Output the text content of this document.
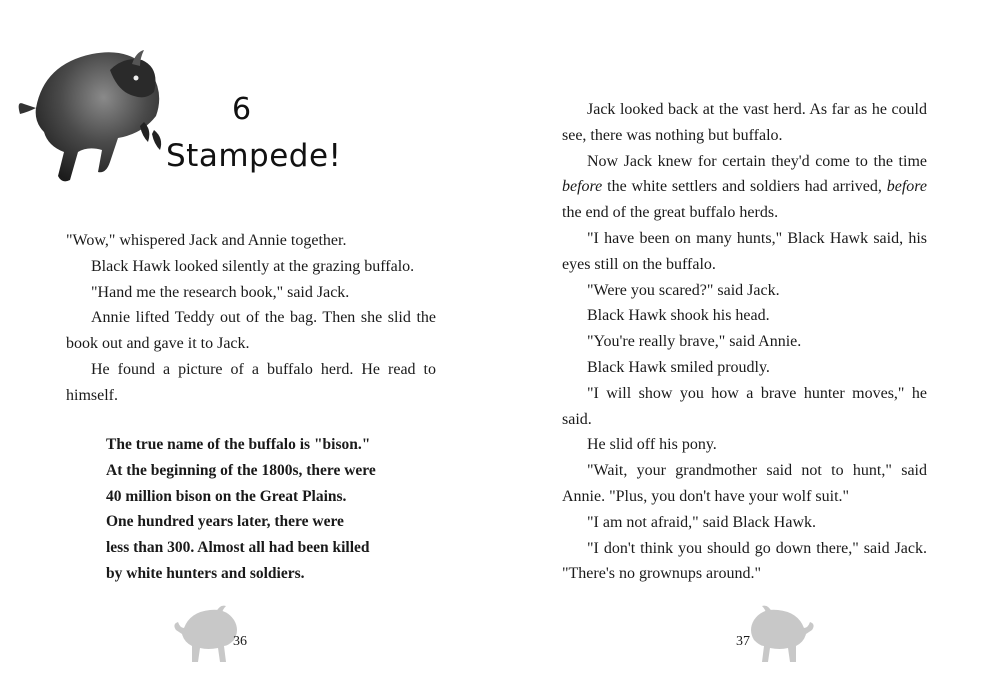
6
Stampede!

"Wow," whispered Jack and Annie together.

Black Hawk looked silently at the grazing buffalo.

"Hand me the research book," said Jack.

Annie lifted Teddy out of the bag. Then she slid the book out and gave it to Jack.

He found a picture of a buffalo herd. He read to himself.

The true name of the buffalo is "bison."
At the beginning of the 1800s, there were
40 million bison on the Great Plains.
One hundred years later, there were
less than 300. Almost all had been killed
by white hunters and soldiers.
36

Jack looked back at the vast herd. As far as he could see, there was nothing but buffalo.

Now Jack knew for certain they'd come to the time before the white settlers and soldiers had arrived, before the end of the great buffalo herds.

"I have been on many hunts," Black Hawk said, his eyes still on the buffalo.

"Were you scared?" said Jack.

Black Hawk shook his head.

"You're really brave," said Annie.

Black Hawk smiled proudly.

"I will show you how a brave hunter moves," he said.

He slid off his pony.

"Wait, your grandmother said not to hunt," said Annie. "Plus, you don't have your wolf suit."

"I am not afraid," said Black Hawk.

"I don't think you should go down there," said Jack. "There's no grownups around."

37
